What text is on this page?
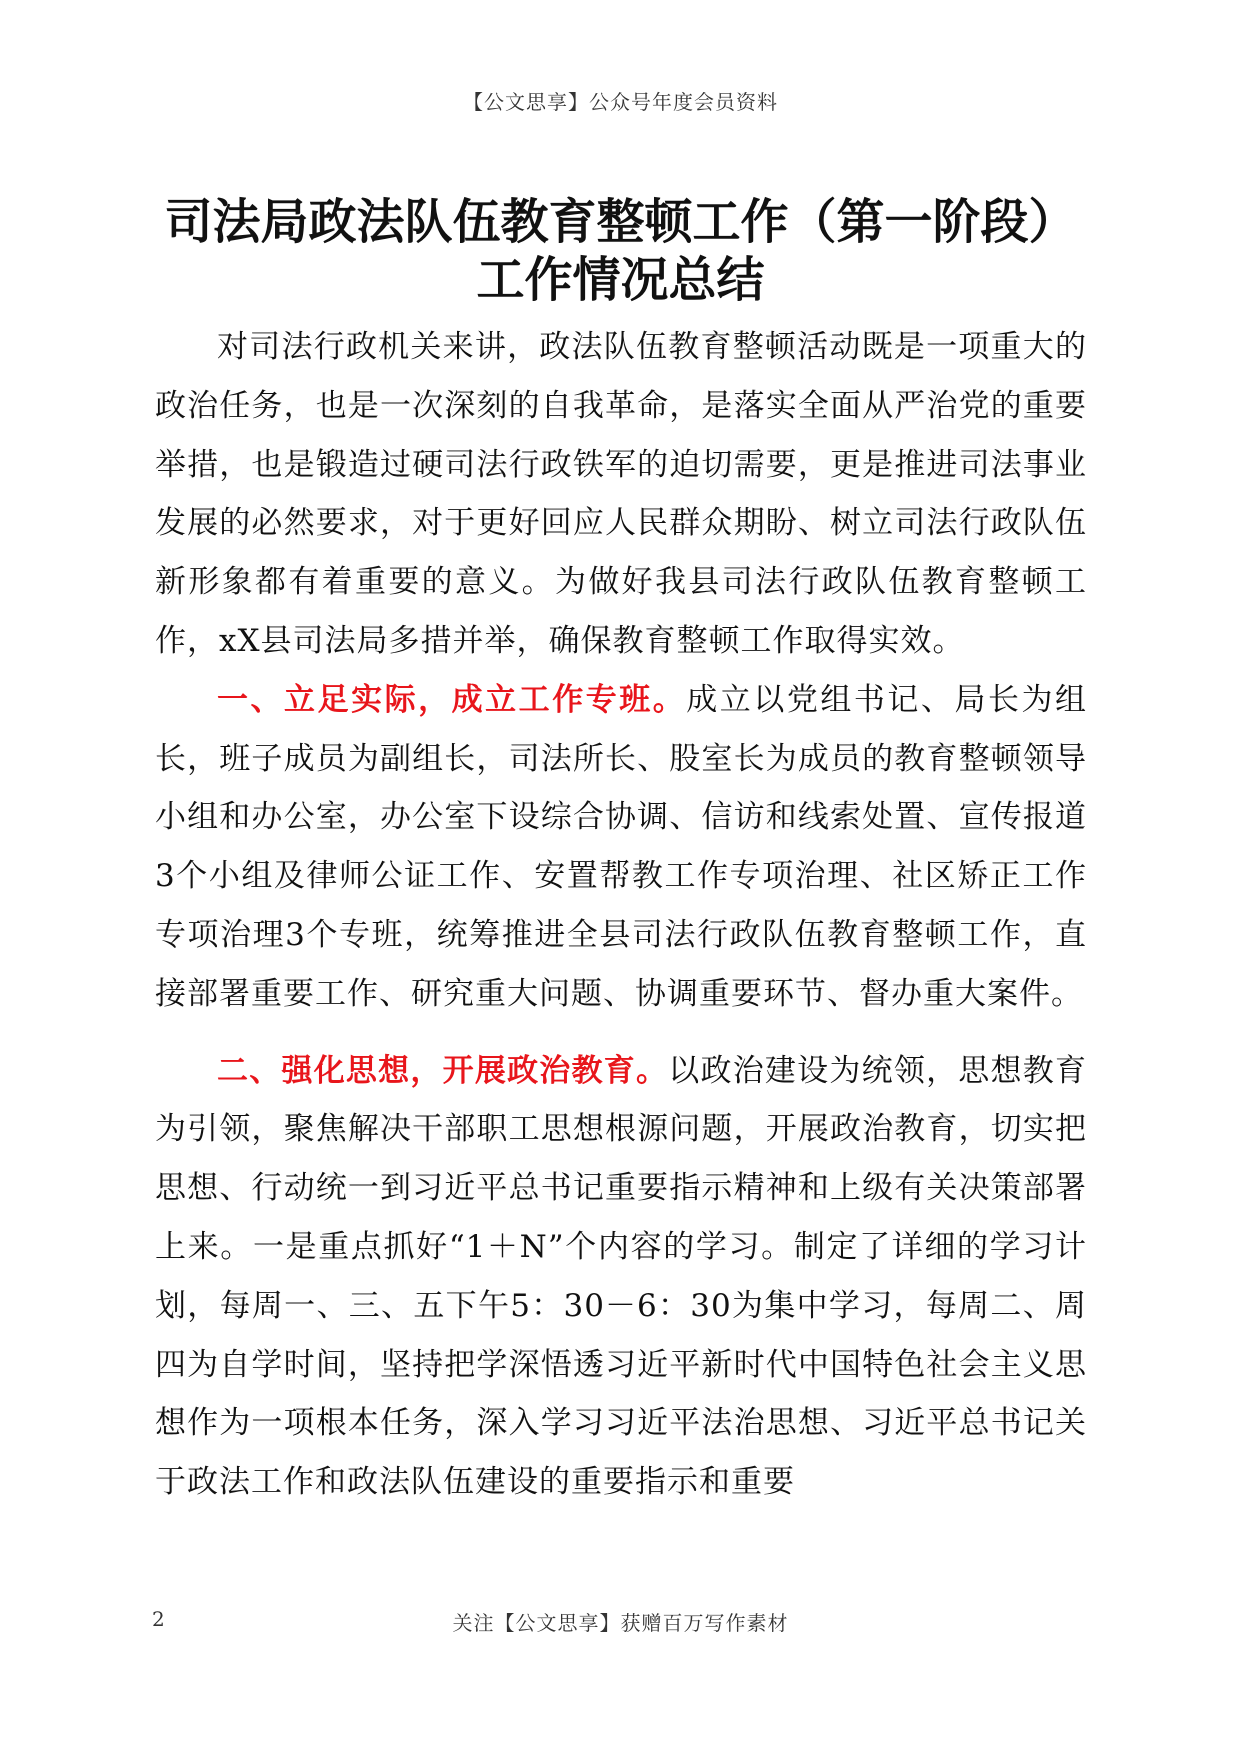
【公文思享】公众号年度会员资料
司法局政法队伍教育整顿工作（第一阶段）
工作情况总结

对司法行政机关来讲，政法队伍教育整顿活动既是一项重大的政治任务，也是一次深刻的自我革命，是落实全面从严治党的重要举措，也是锻造过硬司法行政铁军的迫切需要，更是推进司法事业发展的必然要求，对于更好回应人民群众期盼、树立司法行政队伍新形象都有着重要的意义。为做好我县司法行政队伍教育整顿工作，xX县司法局多措并举，确保教育整顿工作取得实效。

一、立足实际，成立工作专班。成立以党组书记、局长为组长，班子成员为副组长，司法所长、股室长为成员的教育整顿领导小组和办公室，办公室下设综合协调、信访和线索处置、宣传报道3个小组及律师公证工作、安置帮教工作专项治理、社区矫正工作专项治理3个专班，统筹推进全县司法行政队伍教育整顿工作，直接部署重要工作、研究重大问题、协调重要环节、督办重大案件。

二、强化思想，开展政治教育。以政治建设为统领，思想教育为引领，聚焦解决干部职工思想根源问题，开展政治教育，切实把思想、行动统一到习近平总书记重要指示精神和上级有关决策部署上来。一是重点抓好“1＋N”个内容的学习。制定了详细的学习计划，每周一、三、五下午5：30－6：30为集中学习，每周二、周四为自学时间，坚持把学深悟透习近平新时代中国特色社会主义思想作为一项根本任务，深入学习习近平法治思想、习近平总书记关于政法工作和政法队伍建设的重要指示和重要

2	关注【公文思享】获赠百万写作素材
